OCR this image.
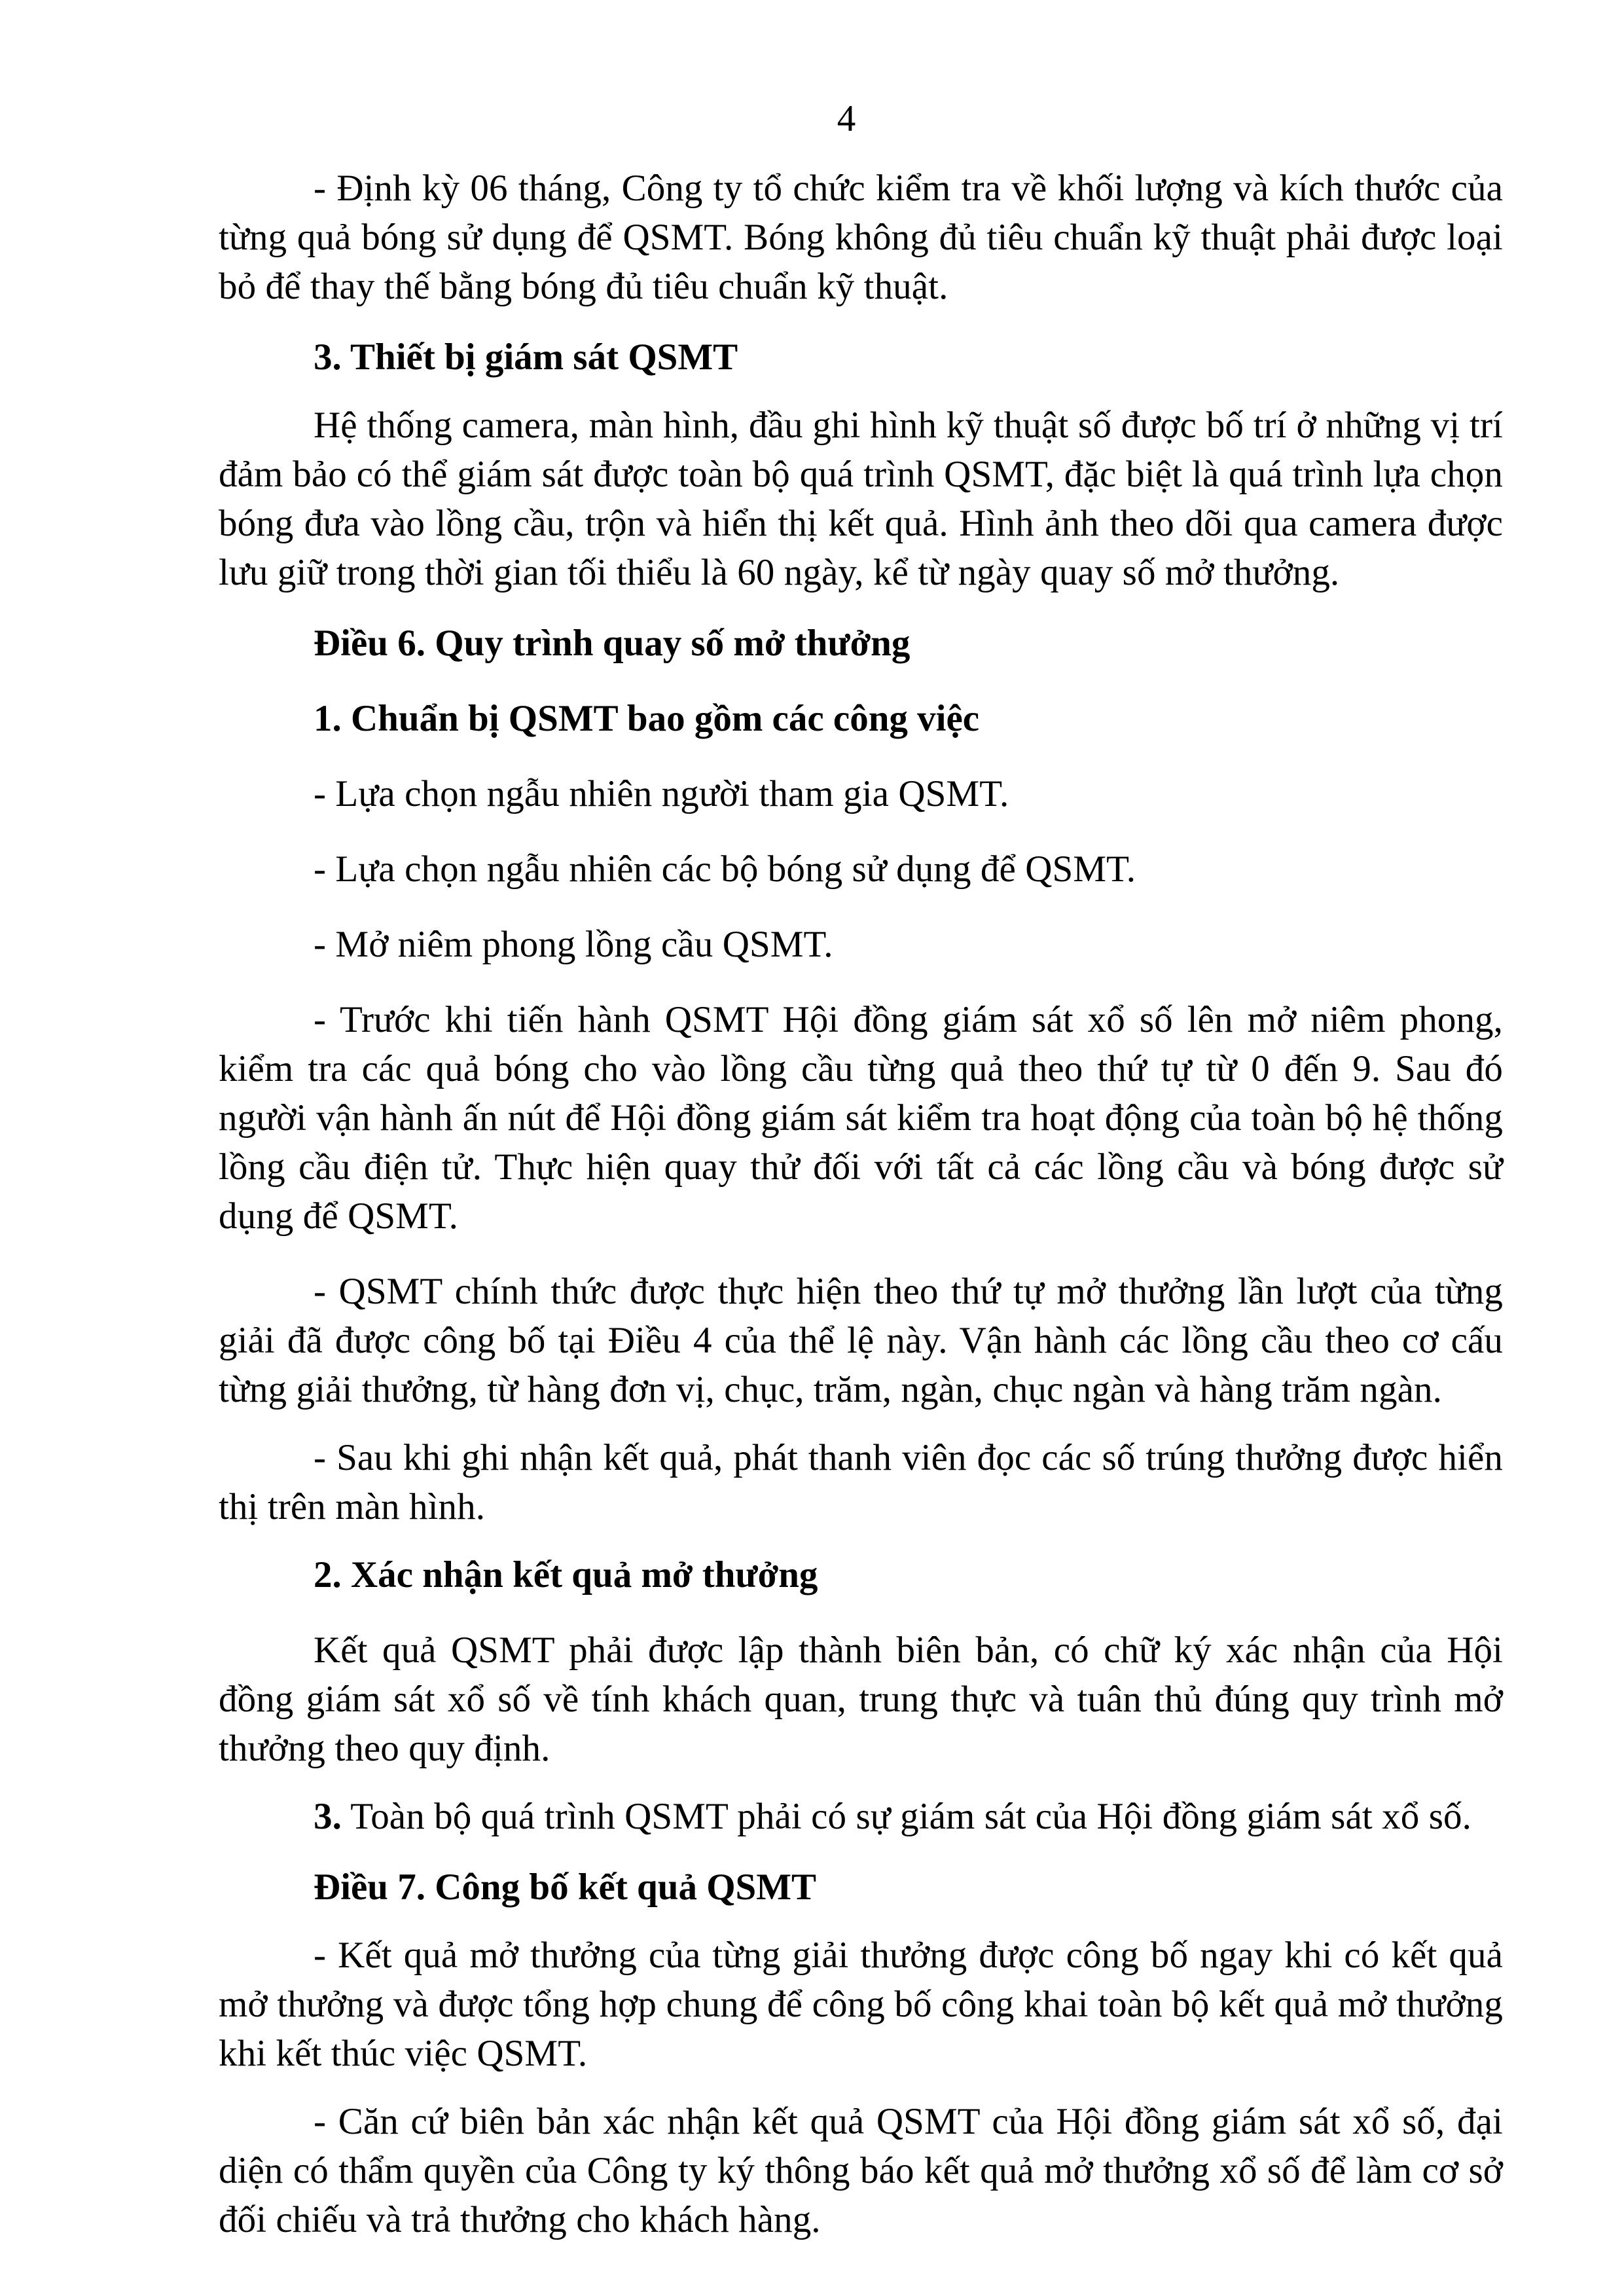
4

- Định kỳ 06 tháng, Công ty tổ chức kiểm tra về khối lượng và kích thước của từng quả bóng sử dụng để QSMT. Bóng không đủ tiêu chuẩn kỹ thuật phải được loại bỏ để thay thế bằng bóng đủ tiêu chuẩn kỹ thuật.

3. Thiết bị giám sát QSMT

Hệ thống camera, màn hình, đầu ghi hình kỹ thuật số được bố trí ở những vị trí đảm bảo có thể giám sát được toàn bộ quá trình QSMT, đặc biệt là quá trình lựa chọn bóng đưa vào lồng cầu, trộn và hiển thị kết quả. Hình ảnh theo dõi qua camera được lưu giữ trong thời gian tối thiểu là 60 ngày, kể từ ngày quay số mở thưởng.

Điều 6. Quy trình quay số mở thưởng

1. Chuẩn bị QSMT bao gồm các công việc

- Lựa chọn ngẫu nhiên người tham gia QSMT.

- Lựa chọn ngẫu nhiên các bộ bóng sử dụng để QSMT.

- Mở niêm phong lồng cầu QSMT.

- Trước khi tiến hành QSMT Hội đồng giám sát xổ số lên mở niêm phong, kiểm tra các quả bóng cho vào lồng cầu từng quả theo thứ tự từ 0 đến 9. Sau đó người vận hành ấn nút để Hội đồng giám sát kiểm tra hoạt động của toàn bộ hệ thống lồng cầu điện tử. Thực hiện quay thử đối với tất cả các lồng cầu và bóng được sử dụng để QSMT.

- QSMT chính thức được thực hiện theo thứ tự mở thưởng lần lượt của từng giải đã được công bố tại Điều 4 của thể lệ này. Vận hành các lồng cầu theo cơ cấu từng giải thưởng, từ hàng đơn vị, chục, trăm, ngàn, chục ngàn và hàng trăm ngàn.

- Sau khi ghi nhận kết quả, phát thanh viên đọc các số trúng thưởng được hiển thị trên màn hình.

2. Xác nhận kết quả mở thưởng

Kết quả QSMT phải được lập thành biên bản, có chữ ký xác nhận của Hội đồng giám sát xổ số về tính khách quan, trung thực và tuân thủ đúng quy trình mở thưởng theo quy định.

3. Toàn bộ quá trình QSMT phải có sự giám sát của Hội đồng giám sát xổ số.

Điều 7. Công bố kết quả QSMT

- Kết quả mở thưởng của từng giải thưởng được công bố ngay khi có kết quả mở thưởng và được tổng hợp chung để công bố công khai toàn bộ kết quả mở thưởng khi kết thúc việc QSMT.

- Căn cứ biên bản xác nhận kết quả QSMT của Hội đồng giám sát xổ số, đại diện có thẩm quyền của Công ty ký thông báo kết quả mở thưởng xổ số để làm cơ sở đối chiếu và trả thưởng cho khách hàng.
